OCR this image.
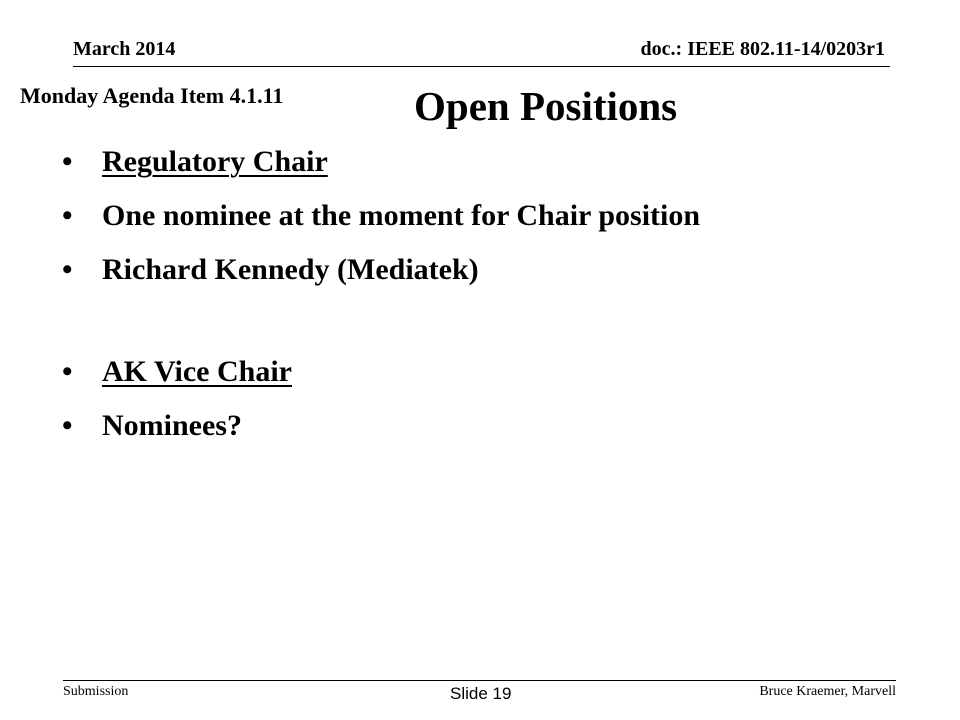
March 2014	doc.: IEEE 802.11-14/0203r1
Monday Agenda Item 4.1.11	Open Positions
• Regulatory Chair
• One nominee at the moment for Chair position
• Richard Kennedy (Mediatek)
• AK Vice Chair
• Nominees?
Submission	Slide 19	Bruce Kraemer, Marvell
